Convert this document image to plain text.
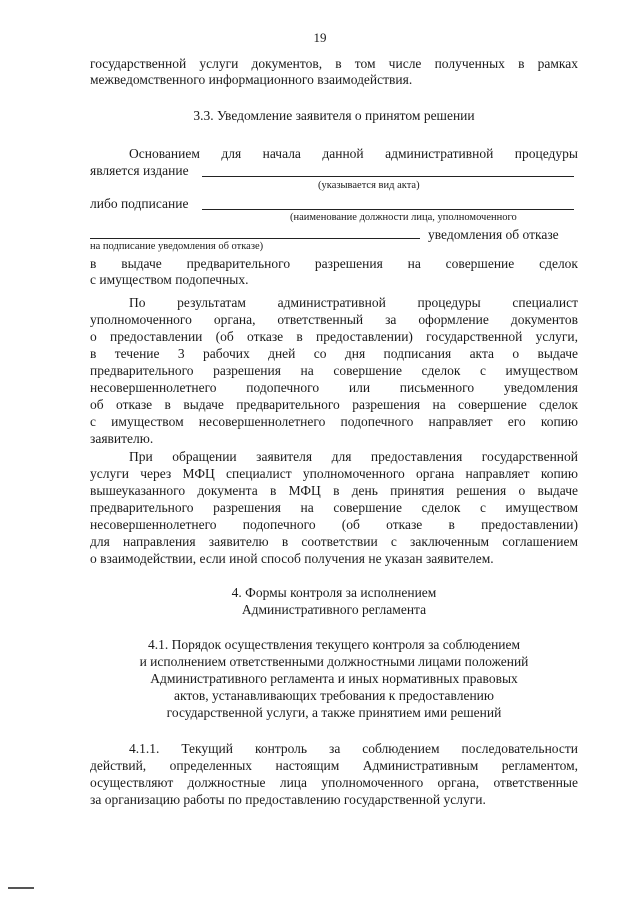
19
государственной услуги документов, в том числе полученных в рамках
межведомственного информационного взаимодействия.
3.3. Уведомление заявителя о принятом решении
Основанием для начала данной административной процедуры
является издание
(указывается вид акта)
либо подписание
(наименование должности лица, уполномоченного
уведомления об отказе
на подписание уведомления об отказе)
в выдаче предварительного разрешения на совершение сделок
с имуществом подопечных.
По результатам административной процедуры специалист
уполномоченного органа, ответственный за оформление документов
о предоставлении (об отказе в предоставлении) государственной услуги,
в течение 3 рабочих дней со дня подписания акта о выдаче
предварительного разрешения на совершение сделок с имуществом
несовершеннолетнего подопечного или письменного уведомления
об отказе в выдаче предварительного разрешения на совершение сделок
с имуществом несовершеннолетнего подопечного направляет его копию
заявителю.
При обращении заявителя для предоставления государственной
услуги через МФЦ специалист уполномоченного органа направляет копию
вышеуказанного документа в МФЦ в день принятия решения о выдаче
предварительного разрешения на совершение сделок с имуществом
несовершеннолетнего подопечного (об отказе в предоставлении)
для направления заявителю в соответствии с заключенным соглашением
о взаимодействии, если иной способ получения не указан заявителем.
4. Формы контроля за исполнением
Административного регламента
4.1. Порядок осуществления текущего контроля за соблюдением
и исполнением ответственными должностными лицами положений
Административного регламента и иных нормативных правовых
актов, устанавливающих требования к предоставлению
государственной услуги, а также принятием ими решений
4.1.1. Текущий контроль за соблюдением последовательности
действий, определенных настоящим Административным регламентом,
осуществляют должностные лица уполномоченного органа, ответственные
за организацию работы по предоставлению государственной услуги.
